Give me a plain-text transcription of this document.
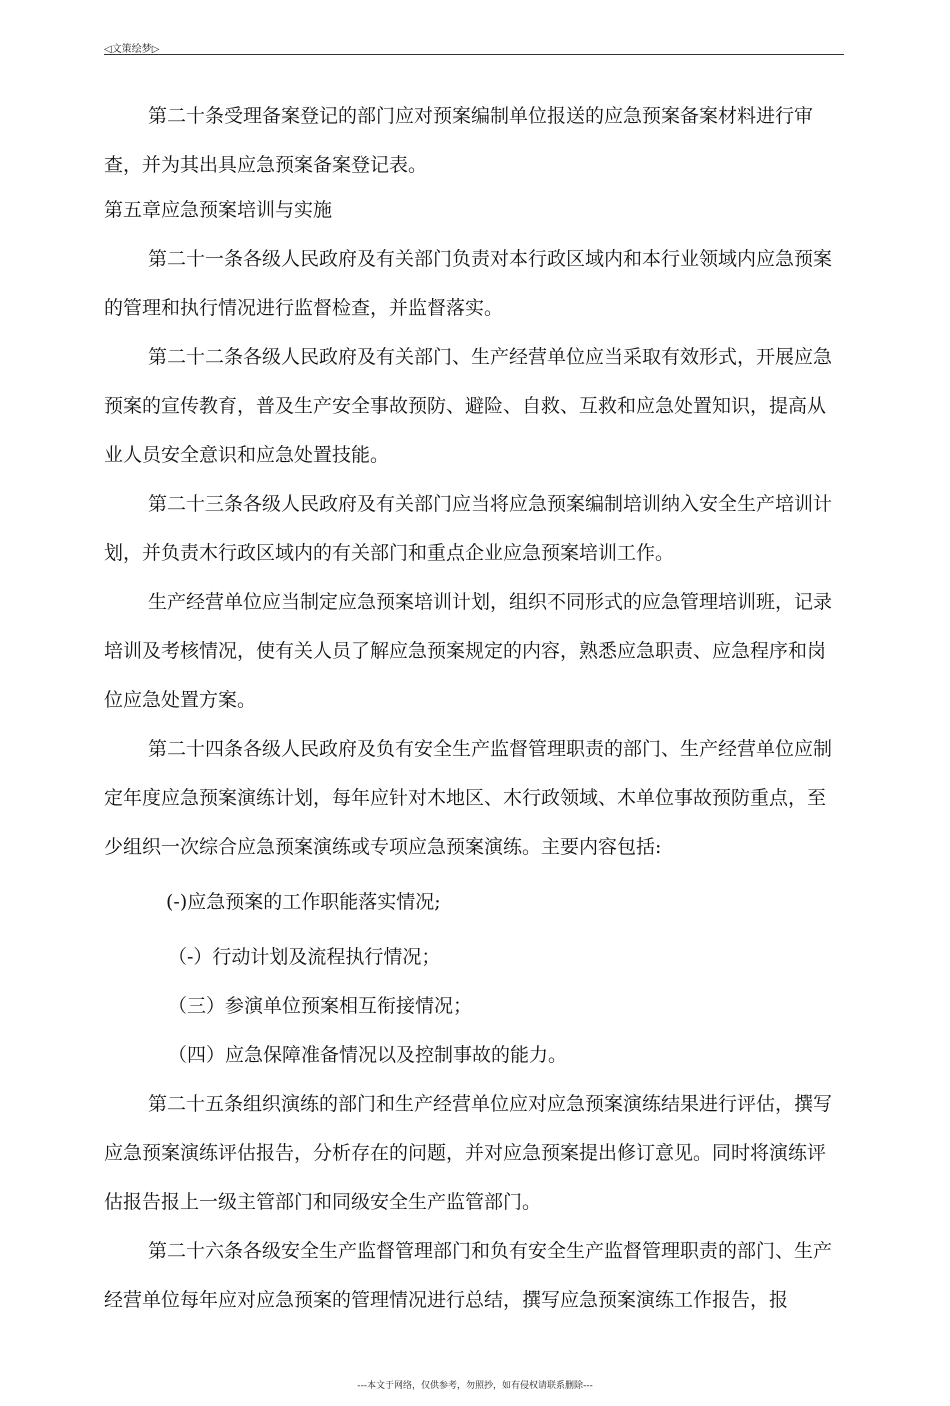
◁文策绘梦▷

第二十条受理备案登记的部门应对预案编制单位报送的应急预案备案材料进行审查，并为其出具应急预案备案登记表。

第五章应急预案培训与实施

第二十一条各级人民政府及有关部门负责对本行政区域内和本行业领域内应急预案的管理和执行情况进行监督检查，并监督落实。

第二十二条各级人民政府及有关部门、生产经营单位应当采取有效形式，开展应急预案的宣传教育，普及生产安全事故预防、避险、自救、互救和应急处置知识，提高从业人员安全意识和应急处置技能。

第二十三条各级人民政府及有关部门应当将应急预案编制培训纳入安全生产培训计划，并负责木行政区域内的有关部门和重点企业应急预案培训工作。

生产经营单位应当制定应急预案培训计划，组织不同形式的应急管理培训班，记录培训及考核情况，使有关人员了解应急预案规定的内容，熟悉应急职责、应急程序和岗位应急处置方案。

第二十四条各级人民政府及负有安全生产监督管理职责的部门、生产经营单位应制定年度应急预案演练计划，每年应针对木地区、木行政领域、木单位事故预防重点，至少组织一次综合应急预案演练或专项应急预案演练。主要内容包括:

(-)应急预案的工作职能落实情况;

（-）行动计划及流程执行情况；

（三）参演单位预案相互衔接情况；

（四）应急保障准备情况以及控制事故的能力。

第二十五条组织演练的部门和生产经营单位应对应急预案演练结果进行评估，撰写应急预案演练评估报告，分析存在的问题，并对应急预案提出修订意见。同时将演练评估报告报上一级主管部门和同级安全生产监管部门。

第二十六条各级安全生产监督管理部门和负有安全生产监督管理职责的部门、生产经营单位每年应对应急预案的管理情况进行总结，撰写应急预案演练工作报告，报

---本文于网络，仅供参考，勿照抄，如有侵权请联系删除---
